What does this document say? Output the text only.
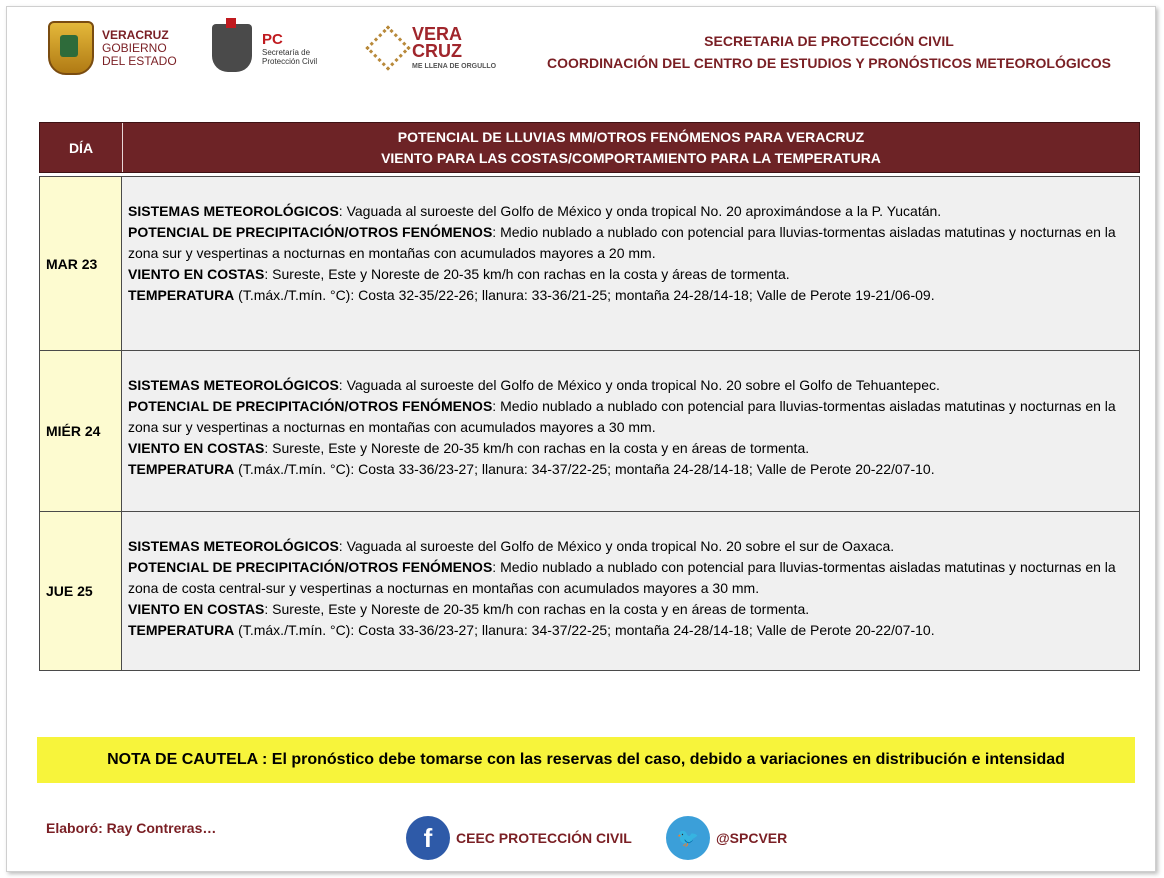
VERACRUZ
GOBIERNO
DEL ESTADO
PC
Secretaría de
Protección Civil
VERA
CRUZ
ME LLENA DE ORGULLO
SECRETARIA DE PROTECCIÓN CIVIL
COORDINACIÓN DEL CENTRO DE ESTUDIOS Y PRONÓSTICOS METEOROLÓGICOS
DÍA
POTENCIAL DE LLUVIAS MM/OTROS FENÓMENOS PARA VERACRUZ
VIENTO PARA LAS COSTAS/COMPORTAMIENTO PARA LA TEMPERATURA
MAR 23
SISTEMAS METEOROLÓGICOS: Vaguada al suroeste del Golfo de México y onda tropical No. 20 aproximándose a la P. Yucatán.
POTENCIAL DE PRECIPITACIÓN/OTROS FENÓMENOS: Medio nublado a nublado con potencial para lluvias-tormentas aisladas matutinas y nocturnas en la zona sur y vespertinas a nocturnas en montañas con acumulados mayores a 20 mm.
VIENTO EN COSTAS: Sureste, Este y Noreste de 20-35 km/h con rachas en la costa y áreas de tormenta.
TEMPERATURA (T.máx./T.mín. °C): Costa 32-35/22-26; llanura: 33-36/21-25; montaña 24-28/14-18; Valle de Perote 19-21/06-09.
MIÉR 24
SISTEMAS METEOROLÓGICOS: Vaguada al suroeste del Golfo de México y onda tropical No. 20 sobre el Golfo de Tehuantepec.
POTENCIAL DE PRECIPITACIÓN/OTROS FENÓMENOS: Medio nublado a nublado con potencial para lluvias-tormentas aisladas matutinas y nocturnas en la zona sur y vespertinas a nocturnas en montañas con acumulados mayores a 30 mm.
VIENTO EN COSTAS: Sureste, Este y Noreste de 20-35 km/h con rachas en la costa y en áreas de tormenta.
TEMPERATURA (T.máx./T.mín. °C): Costa 33-36/23-27; llanura: 34-37/22-25; montaña 24-28/14-18; Valle de Perote 20-22/07-10.
JUE 25
SISTEMAS METEOROLÓGICOS: Vaguada al suroeste del Golfo de México y onda tropical No. 20 sobre el sur de Oaxaca.
POTENCIAL DE PRECIPITACIÓN/OTROS FENÓMENOS: Medio nublado a nublado con potencial para lluvias-tormentas aisladas matutinas y nocturnas en la zona de costa central-sur y vespertinas a nocturnas en montañas con acumulados mayores a 30 mm.
VIENTO EN COSTAS: Sureste, Este y Noreste de 20-35 km/h con rachas en la costa y en áreas de tormenta.
TEMPERATURA (T.máx./T.mín. °C): Costa 33-36/23-27; llanura: 34-37/22-25; montaña 24-28/14-18; Valle de Perote 20-22/07-10.
NOTA DE CAUTELA : El pronóstico debe tomarse con las reservas del caso, debido a variaciones en distribución e intensidad
Elaboró: Ray Contreras…	f	CEEC PROTECCIÓN CIVIL	🐦	@SPCVER
